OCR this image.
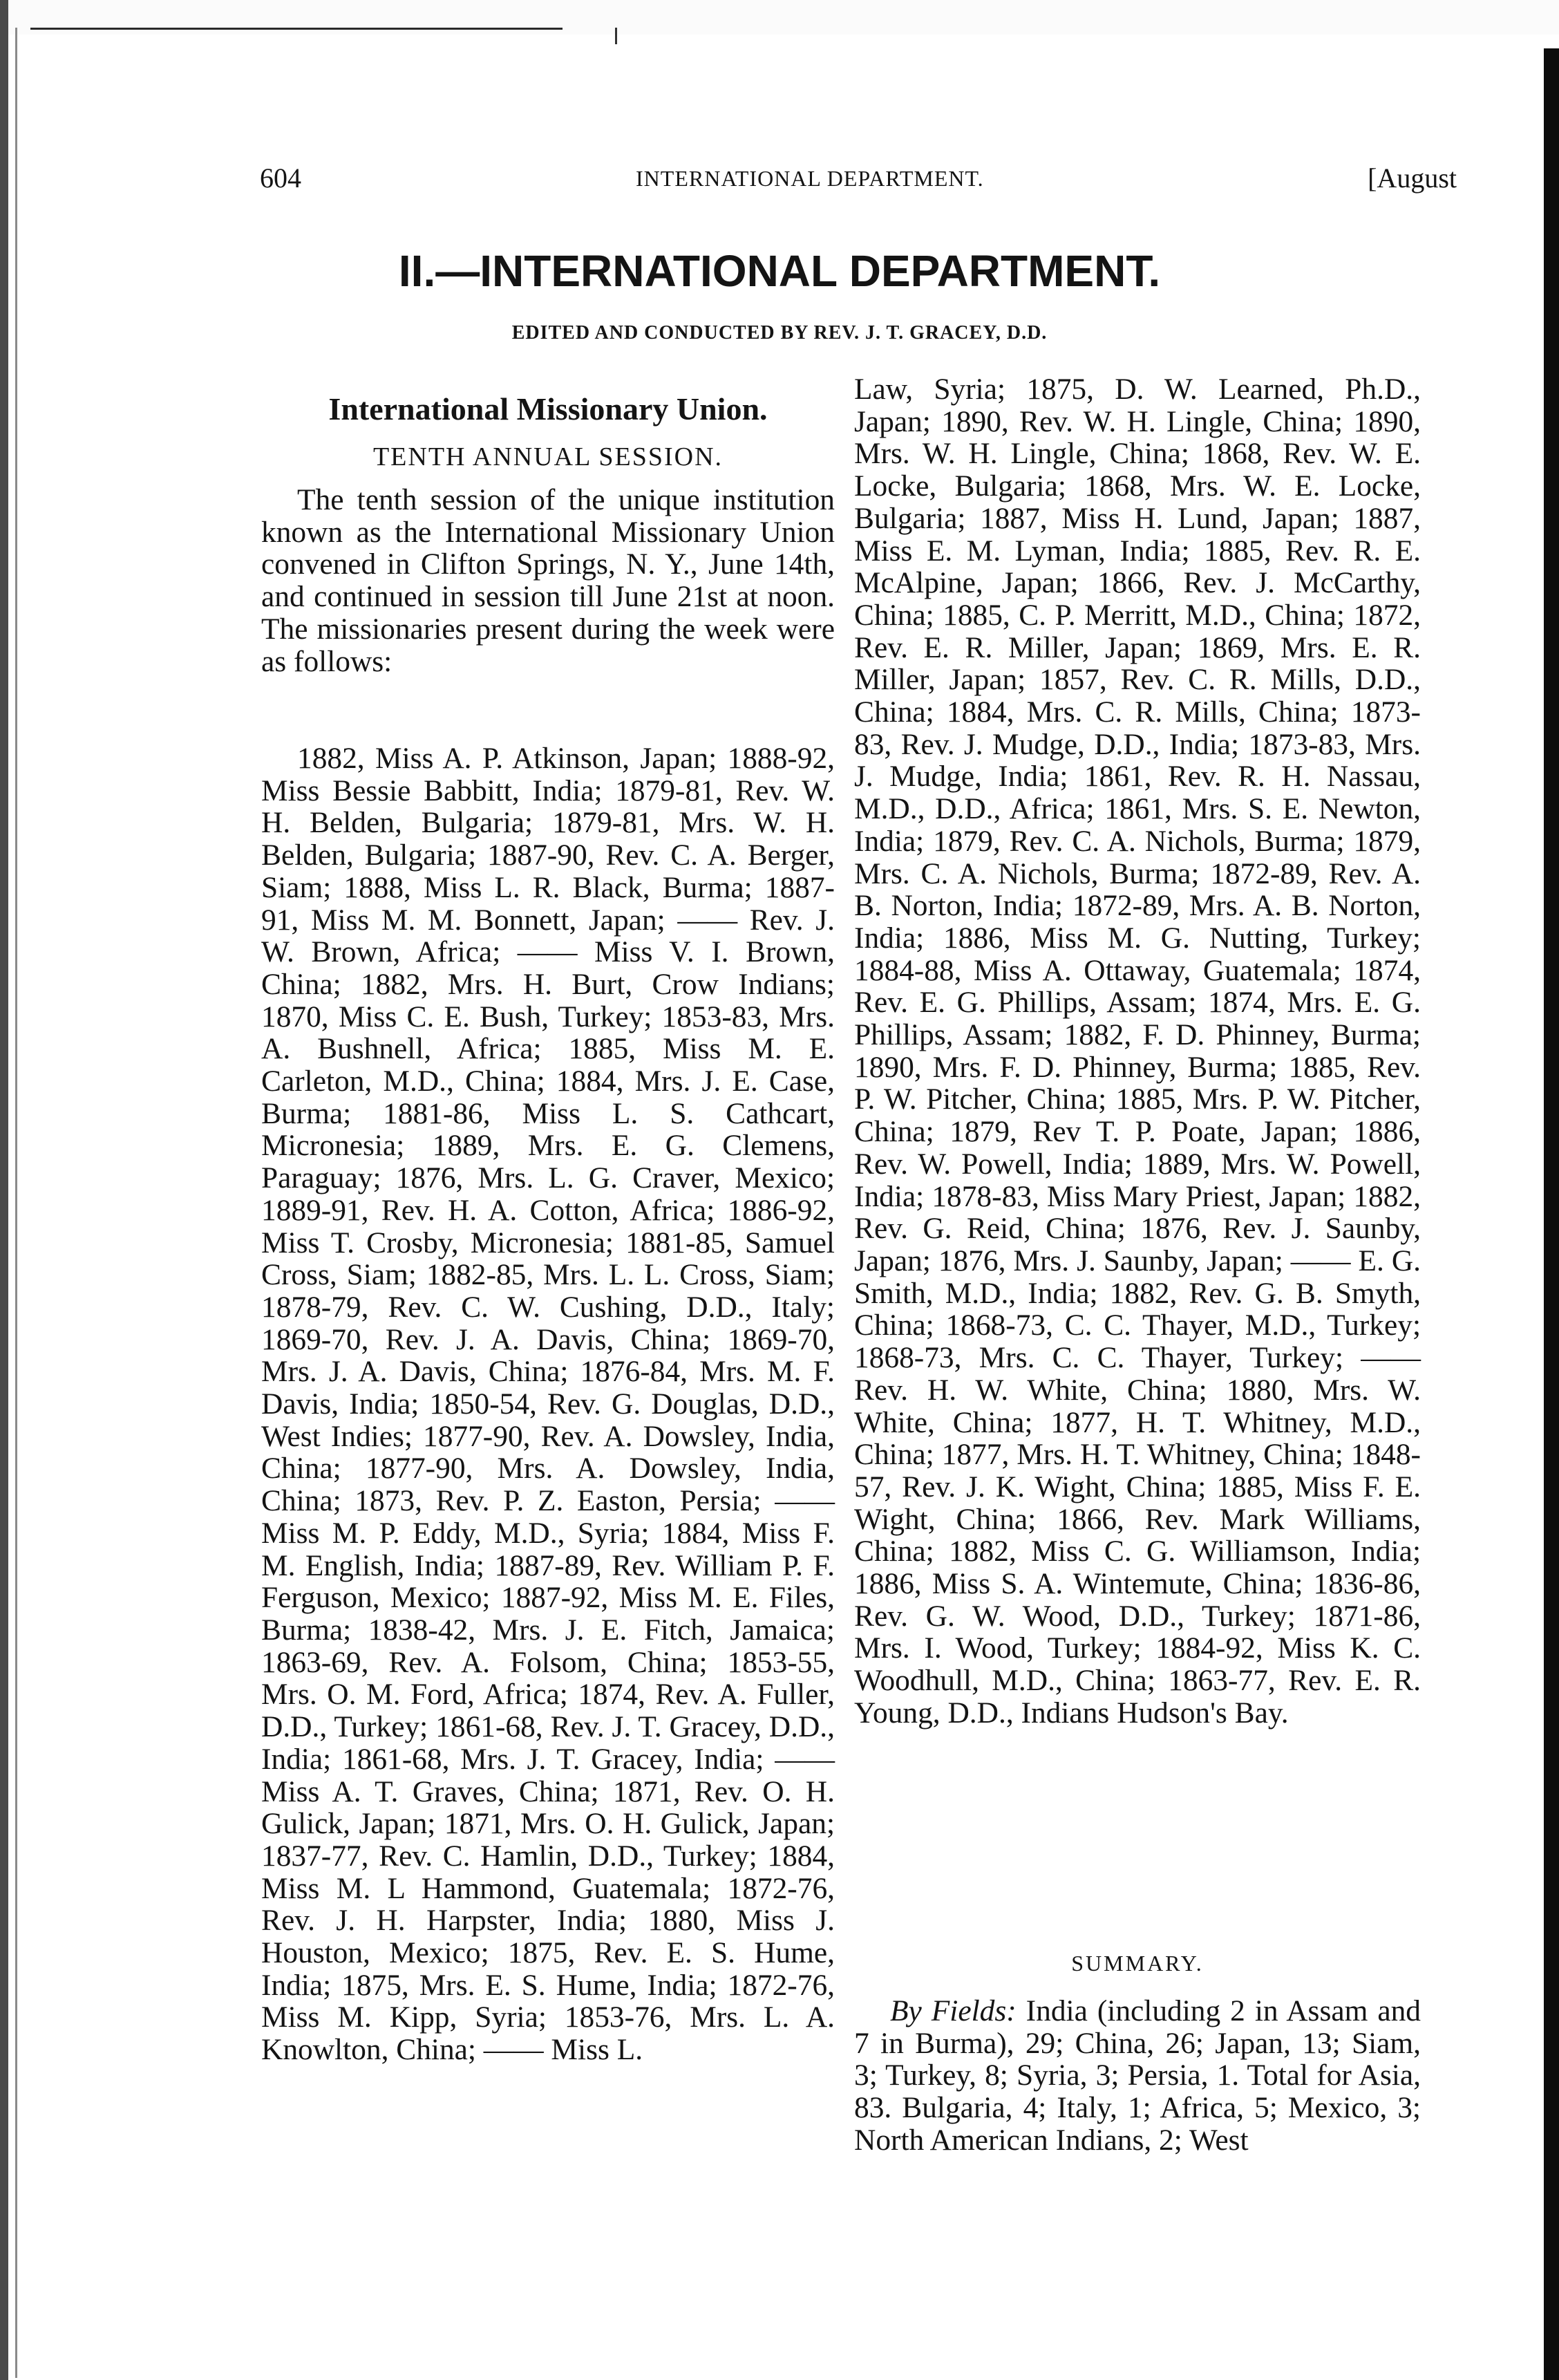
604	INTERNATIONAL DEPARTMENT.	[August
II.—INTERNATIONAL DEPARTMENT.
EDITED AND CONDUCTED BY REV. J. T. GRACEY, D.D.
International Missionary Union.
TENTH ANNUAL SESSION.

The tenth session of the unique institution known as the International Missionary Union convened in Clifton Springs, N. Y., June 14th, and continued in session till June 21st at noon. The missionaries present during the week were as follows:

1882, Miss A. P. Atkinson, Japan; 1888-92, Miss Bessie Babbitt, India; 1879-81, Rev. W. H. Belden, Bulgaria; 1879-81, Mrs. W. H. Belden, Bulgaria; 1887-90, Rev. C. A. Berger, Siam; 1888, Miss L. R. Black, Burma; 1887-91, Miss M. M. Bonnett, Japan; —— Rev. J. W. Brown, Africa; —— Miss V. I. Brown, China; 1882, Mrs. H. Burt, Crow Indians; 1870, Miss C. E. Bush, Turkey; 1853-83, Mrs. A. Bushnell, Africa; 1885, Miss M. E. Carleton, M.D., China; 1884, Mrs. J. E. Case, Burma; 1881-86, Miss L. S. Cathcart, Micronesia; 1889, Mrs. E. G. Clemens, Paraguay; 1876, Mrs. L. G. Craver, Mexico; 1889-91, Rev. H. A. Cotton, Africa; 1886-92, Miss T. Crosby, Micronesia; 1881-85, Samuel Cross, Siam; 1882-85, Mrs. L. L. Cross, Siam; 1878-79, Rev. C. W. Cushing, D.D., Italy; 1869-70, Rev. J. A. Davis, China; 1869-70, Mrs. J. A. Davis, China; 1876-84, Mrs. M. F. Davis, India; 1850-54, Rev. G. Douglas, D.D., West Indies; 1877-90, Rev. A. Dowsley, India, China; 1877-90, Mrs. A. Dowsley, India, China; 1873, Rev. P. Z. Easton, Persia; —— Miss M. P. Eddy, M.D., Syria; 1884, Miss F. M. English, India; 1887-89, Rev. William P. F. Ferguson, Mexico; 1887-92, Miss M. E. Files, Burma; 1838-42, Mrs. J. E. Fitch, Jamaica; 1863-69, Rev. A. Folsom, China; 1853-55, Mrs. O. M. Ford, Africa; 1874, Rev. A. Fuller, D.D., Turkey; 1861-68, Rev. J. T. Gracey, D.D., India; 1861-68, Mrs. J. T. Gracey, India; —— Miss A. T. Graves, China; 1871, Rev. O. H. Gulick, Japan; 1871, Mrs. O. H. Gulick, Japan; 1837-77, Rev. C. Hamlin, D.D., Turkey; 1884, Miss M. L Hammond, Guatemala; 1872-76, Rev. J. H. Harpster, India; 1880, Miss J. Houston, Mexico; 1875, Rev. E. S. Hume, India; 1875, Mrs. E. S. Hume, India; 1872-76, Miss M. Kipp, Syria; 1853-76, Mrs. L. A. Knowlton, China; —— Miss L.

Law, Syria; 1875, D. W. Learned, Ph.D., Japan; 1890, Rev. W. H. Lingle, China; 1890, Mrs. W. H. Lingle, China; 1868, Rev. W. E. Locke, Bulgaria; 1868, Mrs. W. E. Locke, Bulgaria; 1887, Miss H. Lund, Japan; 1887, Miss E. M. Lyman, India; 1885, Rev. R. E. McAlpine, Japan; 1866, Rev. J. McCarthy, China; 1885, C. P. Merritt, M.D., China; 1872, Rev. E. R. Miller, Japan; 1869, Mrs. E. R. Miller, Japan; 1857, Rev. C. R. Mills, D.D., China; 1884, Mrs. C. R. Mills, China; 1873-83, Rev. J. Mudge, D.D., India; 1873-83, Mrs. J. Mudge, India; 1861, Rev. R. H. Nassau, M.D., D.D., Africa; 1861, Mrs. S. E. Newton, India; 1879, Rev. C. A. Nichols, Burma; 1879, Mrs. C. A. Nichols, Burma; 1872-89, Rev. A. B. Norton, India; 1872-89, Mrs. A. B. Norton, India; 1886, Miss M. G. Nutting, Turkey; 1884-88, Miss A. Ottaway, Guatemala; 1874, Rev. E. G. Phillips, Assam; 1874, Mrs. E. G. Phillips, Assam; 1882, F. D. Phinney, Burma; 1890, Mrs. F. D. Phinney, Burma; 1885, Rev. P. W. Pitcher, China; 1885, Mrs. P. W. Pitcher, China; 1879, Rev T. P. Poate, Japan; 1886, Rev. W. Powell, India; 1889, Mrs. W. Powell, India; 1878-83, Miss Mary Priest, Japan; 1882, Rev. G. Reid, China; 1876, Rev. J. Saunby, Japan; 1876, Mrs. J. Saunby, Japan; —— E. G. Smith, M.D., India; 1882, Rev. G. B. Smyth, China; 1868-73, C. C. Thayer, M.D., Turkey; 1868-73, Mrs. C. C. Thayer, Turkey; —— Rev. H. W. White, China; 1880, Mrs. W. White, China; 1877, H. T. Whitney, M.D., China; 1877, Mrs. H. T. Whitney, China; 1848-57, Rev. J. K. Wight, China; 1885, Miss F. E. Wight, China; 1866, Rev. Mark Williams, China; 1882, Miss C. G. Williamson, India; 1886, Miss S. A. Wintemute, China; 1836-86, Rev. G. W. Wood, D.D., Turkey; 1871-86, Mrs. I. Wood, Turkey; 1884-92, Miss K. C. Woodhull, M.D., China; 1863-77, Rev. E. R. Young, D.D., Indians Hudson's Bay.

SUMMARY.

By Fields: India (including 2 in Assam and 7 in Burma), 29; China, 26; Japan, 13; Siam, 3; Turkey, 8; Syria, 3; Persia, 1. Total for Asia, 83. Bulgaria, 4; Italy, 1; Africa, 5; Mexico, 3; North American Indians, 2; West
